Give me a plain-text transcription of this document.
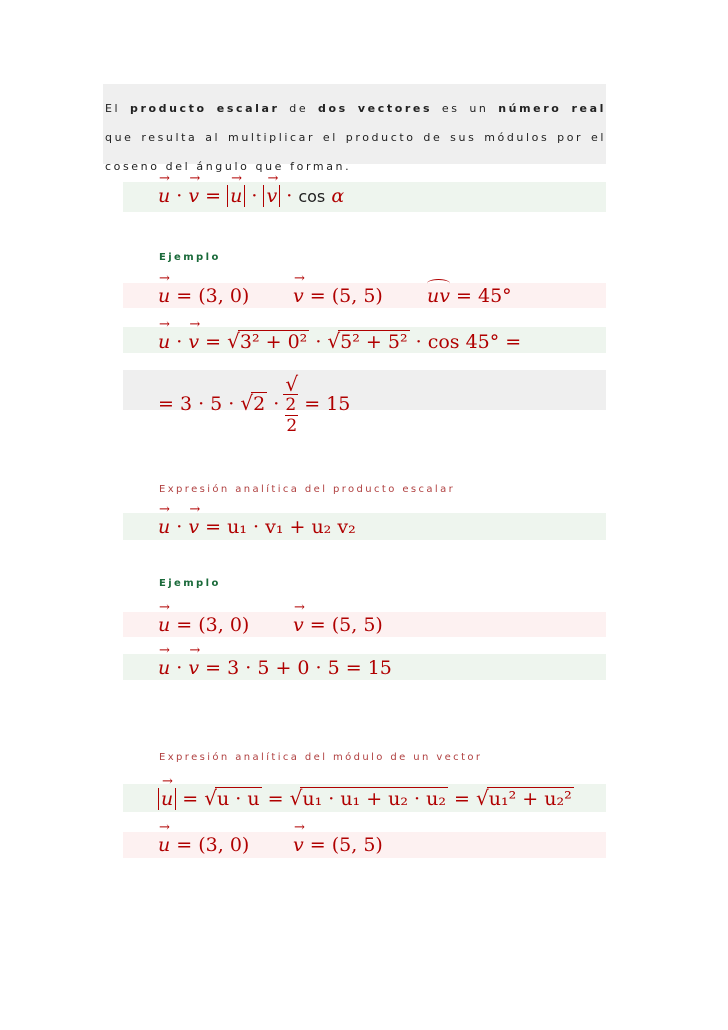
El producto escalar de dos vectores es un número real que resulta al multiplicar el producto de sus módulos por el coseno del ángulo que forman.

→ u · → v = → u · → v · cos α
Ejemplo
→ u = (3, 0) → v = (5, 5) uv = 45°
→ u · → v = √3² + 0² · √5² + 5² · cos 45° =
= 3 · 5 · √2 · √
2
2 = 15
Expresión analítica del producto escalar
→ u · → v = u₁ · v₁ + u₂ v₂
Ejemplo
→ u = (3, 0) → v = (5, 5)
→ u · → v = 3 · 5 + 0 · 5 = 15
Expresión analítica del módulo de un vector
→ u = √u · u = √u₁ · u₁ + u₂ · u₂ = √u₁² + u₂²
→ u = (3, 0) → v = (5, 5)
